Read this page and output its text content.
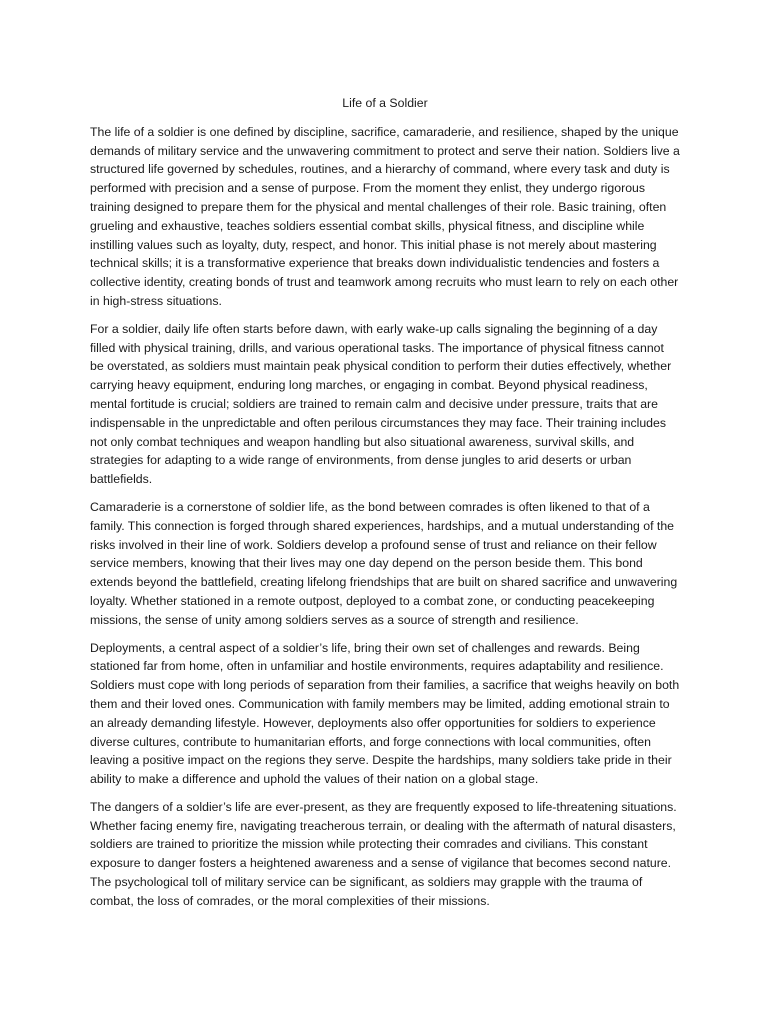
Life of a Soldier

The life of a soldier is one defined by discipline, sacrifice, camaraderie, and resilience, shaped by the unique demands of military service and the unwavering commitment to protect and serve their nation. Soldiers live a structured life governed by schedules, routines, and a hierarchy of command, where every task and duty is performed with precision and a sense of purpose. From the moment they enlist, they undergo rigorous training designed to prepare them for the physical and mental challenges of their role. Basic training, often grueling and exhaustive, teaches soldiers essential combat skills, physical fitness, and discipline while instilling values such as loyalty, duty, respect, and honor. This initial phase is not merely about mastering technical skills; it is a transformative experience that breaks down individualistic tendencies and fosters a collective identity, creating bonds of trust and teamwork among recruits who must learn to rely on each other in high-stress situations.

For a soldier, daily life often starts before dawn, with early wake-up calls signaling the beginning of a day filled with physical training, drills, and various operational tasks. The importance of physical fitness cannot be overstated, as soldiers must maintain peak physical condition to perform their duties effectively, whether carrying heavy equipment, enduring long marches, or engaging in combat. Beyond physical readiness, mental fortitude is crucial; soldiers are trained to remain calm and decisive under pressure, traits that are indispensable in the unpredictable and often perilous circumstances they may face. Their training includes not only combat techniques and weapon handling but also situational awareness, survival skills, and strategies for adapting to a wide range of environments, from dense jungles to arid deserts or urban battlefields.

Camaraderie is a cornerstone of soldier life, as the bond between comrades is often likened to that of a family. This connection is forged through shared experiences, hardships, and a mutual understanding of the risks involved in their line of work. Soldiers develop a profound sense of trust and reliance on their fellow service members, knowing that their lives may one day depend on the person beside them. This bond extends beyond the battlefield, creating lifelong friendships that are built on shared sacrifice and unwavering loyalty. Whether stationed in a remote outpost, deployed to a combat zone, or conducting peacekeeping missions, the sense of unity among soldiers serves as a source of strength and resilience.

Deployments, a central aspect of a soldier’s life, bring their own set of challenges and rewards. Being stationed far from home, often in unfamiliar and hostile environments, requires adaptability and resilience. Soldiers must cope with long periods of separation from their families, a sacrifice that weighs heavily on both them and their loved ones. Communication with family members may be limited, adding emotional strain to an already demanding lifestyle. However, deployments also offer opportunities for soldiers to experience diverse cultures, contribute to humanitarian efforts, and forge connections with local communities, often leaving a positive impact on the regions they serve. Despite the hardships, many soldiers take pride in their ability to make a difference and uphold the values of their nation on a global stage.

The dangers of a soldier’s life are ever-present, as they are frequently exposed to life-threatening situations. Whether facing enemy fire, navigating treacherous terrain, or dealing with the aftermath of natural disasters, soldiers are trained to prioritize the mission while protecting their comrades and civilians. This constant exposure to danger fosters a heightened awareness and a sense of vigilance that becomes second nature. The psychological toll of military service can be significant, as soldiers may grapple with the trauma of combat, the loss of comrades, or the moral complexities of their missions.
